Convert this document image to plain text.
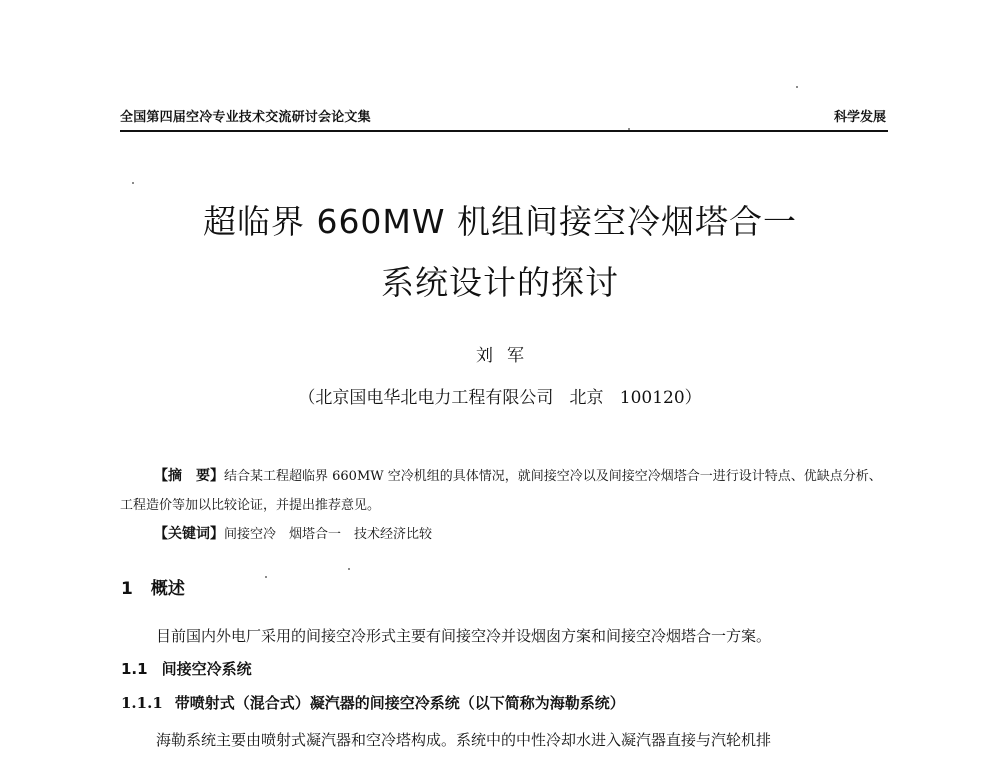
全国第四届空冷专业技术交流研讨会论文集	科学发展
超临界 660MW 机组间接空冷烟塔合一
系统设计的探讨
刘军
（北京国电华北电力工程有限公司   北京   100120）

【摘　要】结合某工程超临界 660MW 空冷机组的具体情况，就间接空冷以及间接空冷烟塔合一进行设计特点、优缺点分析、工程造价等加以比较论证，并提出推荐意见。

【关键词】间接空冷　烟塔合一　技术经济比较

1 概述

目前国内外电厂采用的间接空冷形式主要有间接空冷并设烟囱方案和间接空冷烟塔合一方案。

1.1 间接空冷系统
1.1.1 带喷射式（混合式）凝汽器的间接空冷系统（以下简称为海勒系统）

海勒系统主要由喷射式凝汽器和空冷塔构成。系统中的中性冷却水进入凝汽器直接与汽轮机排
